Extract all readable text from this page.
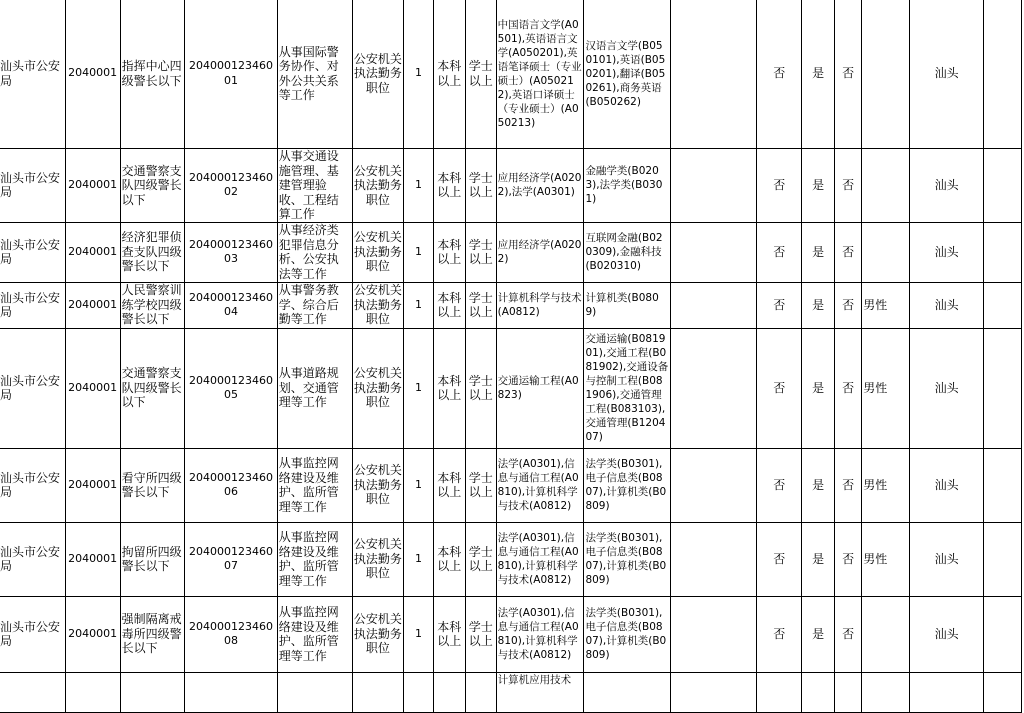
汕头市公安局	2040001	指挥中心四级警长以下	20400012346001	从事国际警务协作、对外公共关系等工作	公安机关执法勤务职位	1	本科以上	学士以上	中国语言文学(A0501),英语语言文学(A050201),英语笔译硕士（专业硕士）(A050212),英语口译硕士（专业硕士）(A050213)	汉语言文学(B050101),英语(B050201),翻译(B050261),商务英语(B050262)		否	是	否		汕头	
汕头市公安局	2040001	交通警察支队四级警长以下	20400012346002	从事交通设施管理、基建管理验收、工程结算工作	公安机关执法勤务职位	1	本科以上	学士以上	应用经济学(A0202),法学(A0301)	金融学类(B0203),法学类(B0301)		否	是	否		汕头	
汕头市公安局	2040001	经济犯罪侦查支队四级警长以下	20400012346003	从事经济类犯罪信息分析、公安执法等工作	公安机关执法勤务职位	1	本科以上	学士以上	应用经济学(A0202)	互联网金融(B020309),金融科技(B020310)		否	是	否		汕头	
汕头市公安局	2040001	人民警察训练学校四级警长以下	20400012346004	从事警务教学、综合后勤等工作	公安机关执法勤务职位	1	本科以上	学士以上	计算机科学与技术(A0812)	计算机类(B0809)		否	是	否	男性	汕头	
汕头市公安局	2040001	交通警察支队四级警长以下	20400012346005	从事道路规划、交通管理等工作	公安机关执法勤务职位	1	本科以上	学士以上	交通运输工程(A0823)	交通运输(B081901),交通工程(B081902),交通设备与控制工程(B081906),交通管理工程(B083103),交通管理(B120407)		否	是	否	男性	汕头	
汕头市公安局	2040001	看守所四级警长以下	20400012346006	从事监控网络建设及维护、监所管理等工作	公安机关执法勤务职位	1	本科以上	学士以上	法学(A0301),信息与通信工程(A0810),计算机科学与技术(A0812)	法学类(B0301),电子信息类(B0807),计算机类(B0809)		否	是	否	男性	汕头	
汕头市公安局	2040001	拘留所四级警长以下	20400012346007	从事监控网络建设及维护、监所管理等工作	公安机关执法勤务职位	1	本科以上	学士以上	法学(A0301),信息与通信工程(A0810),计算机科学与技术(A0812)	法学类(B0301),电子信息类(B0807),计算机类(B0809)		否	是	否	男性	汕头	
汕头市公安局	2040001	强制隔离戒毒所四级警长以下	20400012346008	从事监控网络建设及维护、监所管理等工作	公安机关执法勤务职位	1	本科以上	学士以上	法学(A0301),信息与通信工程(A0810),计算机科学与技术(A0812)	法学类(B0301),电子信息类(B0807),计算机类(B0809)		否	是	否		汕头	
									计算机应用技术								
